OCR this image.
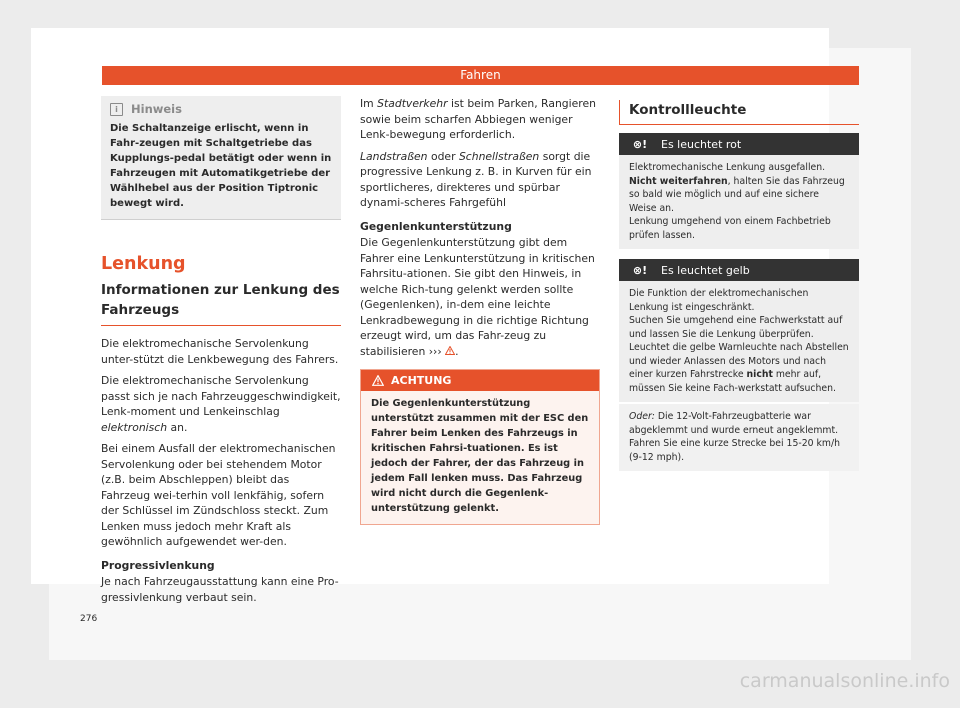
Fahren
i	Hinweis
Die Schaltanzeige erlischt, wenn in Fahr-zeugen mit Schaltgetriebe das Kupplungs-pedal betätigt oder wenn in Fahrzeugen mit Automatikgetriebe der Wählhebel aus der Position Tiptronic bewegt wird.
Lenkung
Informationen zur Lenkung des Fahrzeugs

Die elektromechanische Servolenkung unter-stützt die Lenkbewegung des Fahrers.

Die elektromechanische Servolenkung passt sich je nach Fahrzeuggeschwindigkeit, Lenk-moment und Lenkeinschlag elektronisch an.

Bei einem Ausfall der elektromechanischen Servolenkung oder bei stehendem Motor (z.B. beim Abschleppen) bleibt das Fahrzeug wei-terhin voll lenkfähig, sofern der Schlüssel im Zündschloss steckt. Zum Lenken muss jedoch mehr Kraft als gewöhnlich aufgewendet wer-den.

Progressivlenkung

Je nach Fahrzeugausstattung kann eine Pro-gressivlenkung verbaut sein.

Im Stadtverkehr ist beim Parken, Rangieren sowie beim scharfen Abbiegen weniger Lenk-bewegung erforderlich.

Landstraßen oder Schnellstraßen sorgt die progressive Lenkung z. B. in Kurven für ein sportlicheres, direkteres und spürbar dynami-scheres Fahrgefühl

Gegenlenkunterstützung

Die Gegenlenkunterstützung gibt dem Fahrer eine Lenkunterstützung in kritischen Fahrsitu-ationen. Sie gibt den Hinweis, in welche Rich-tung gelenkt werden sollte (Gegenlenken), in-dem eine leichte Lenkradbewegung in die richtige Richtung erzeugt wird, um das Fahr-zeug zu stabilisieren ››› .

ACHTUNG
Die Gegenlenkunterstützung unterstützt zusammen mit der ESC den Fahrer beim Lenken des Fahrzeugs in kritischen Fahrsi-tuationen. Es ist jedoch der Fahrer, der das Fahrzeug in jedem Fall lenken muss. Das Fahrzeug wird nicht durch die Gegenlenk-unterstützung gelenkt.
Kontrollleuchte
⊗!	Es leuchtet rot
Elektromechanische Lenkung ausgefallen.
Nicht weiterfahren, halten Sie das Fahrzeug so bald wie möglich und auf eine sichere Weise an.
Lenkung umgehend von einem Fachbetrieb prüfen lassen.
⊗!	Es leuchtet gelb
Die Funktion der elektromechanischen Lenkung ist eingeschränkt.
Suchen Sie umgehend eine Fachwerkstatt auf und lassen Sie die Lenkung überprüfen.
Leuchtet die gelbe Warnleuchte nach Abstellen und wieder Anlassen des Motors und nach einer kurzen Fahrstrecke nicht mehr auf, müssen Sie keine Fach-werkstatt aufsuchen.
Oder: Die 12-Volt-Fahrzeugbatterie war abgeklemmt und wurde erneut angeklemmt. Fahren Sie eine kurze Strecke bei 15-20 km/h (9-12 mph).
276
carmanualsonline.info
